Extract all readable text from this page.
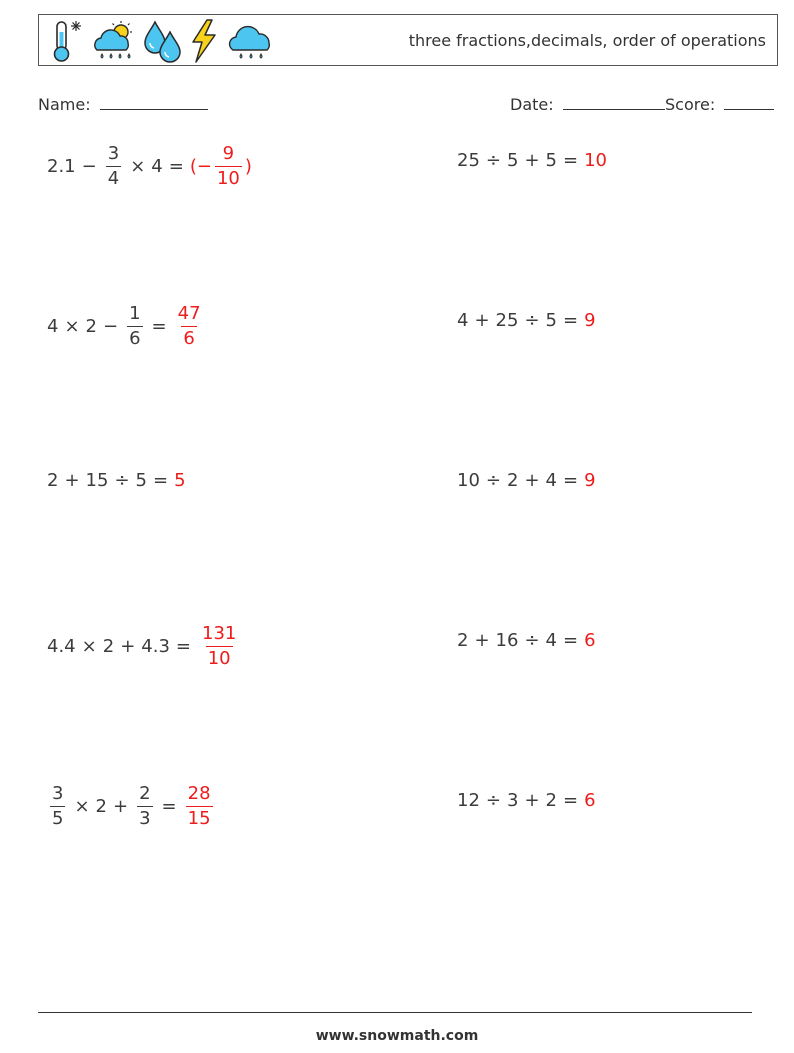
three fractions,decimals, order of operations
Name:	Date:	Score:
$2.1 - \frac{3}{4} \times 4$ = (− $\frac{9}{10}$ )	25 ÷ 5 + 5 = 10
$4 \times 2 - \frac{1}{6} = \frac{47}{6}$	4 + 25 ÷ 5 = 9
2 + 15 ÷ 5 = 5	10 ÷ 2 + 4 = 9
$4.4 \times 2 + 4.3 = \frac{131}{10}$	2 + 16 ÷ 4 = 6
$\frac{3}{5} \times 2 + \frac{2}{3} = \frac{28}{15}$	12 ÷ 3 + 2 = 6
www.snowmath.com
